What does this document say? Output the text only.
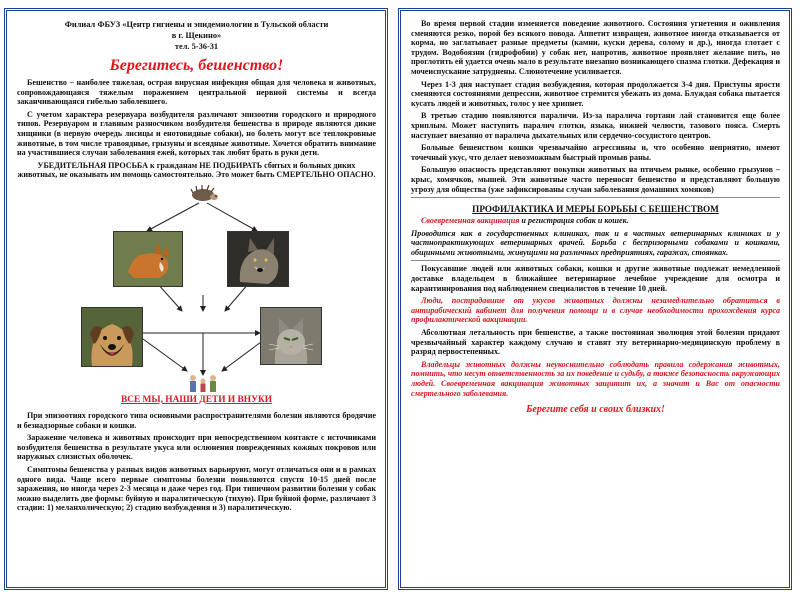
Филиал ФБУЗ «Центр гигиены и эпидемиологии в Тульской области

в г. Щекино»

тел. 5-36-31

Берегитесь, бешенство!

Бешенство – наиболее тяжелая, острая вирусная инфекция общая для человека и животных, сопровождающаяся тяжелым поражением центральной нервной системы и всегда заканчивающаяся гибелью заболевшего.

С учетом характера резервуара возбудителя различают эпизоотии городского и природного типов. Резервуаром и главным разносчиком возбудителя бешенства в природе являются дикие хищники (в первую очередь лисицы и енотовидные собаки), но болеть могут все теплокровные животные, в том числе травоядные, грызуны и всеядные животные. Хочется обратить внимание на участившиеся случаи заболевания ежей, которых так любят брать в руки дети.

УБЕДИТЕЛЬНАЯ ПРОСЬБА к гражданам НЕ ПОДБИРАТЬ сбитых и больных диких животных, не оказывать им помощь самостоятельно. Это может быть СМЕРТЕЛЬНО ОПАСНО.

ВСЕ МЫ, НАШИ ДЕТИ И ВНУКИ

При эпизоотиях городского типа основными распространителями болезни являются бродячие и безнадзорные собаки и кошки.

Заражение человека и животных происходит при непосредственном контакте с источниками возбудителя бешенства в результате укуса или ослюнения поврежденных кожных покровов или наружных слизистых оболочек.

Симптомы бешенства у разных видов животных варьируют, могут отличаться они и в рамках одного вида. Чаще всего первые симптомы болезни появляются спустя 10-15 дней после заражения, но иногда через 2-3 месяца и даже через год. При типичном развитии болезни у собак можно выделить две формы: буйную и паралитическую (тихую). При буйной форме, различают 3 стадии: 1) меланхолическую; 2) стадию возбуждения и 3) паралитическую.

Во время первой стадии изменяется поведение животного. Состояния угнетения и оживления сменяются резко, порой без всякого повода. Аппетит извращен, животное иногда отказывается от корма, но заглатывает разные предметы (камни, куски дерева, солому и др.), иногда глотает с трудом. Водобоязни (гидрофобии) у собак нет, напротив, животное проявляет желание пить, но проглотить ей удается очень мало в результате внезапно возникающего спазма глотки. Дефекация и мочеиспускание затруднены. Слюнотечение усиливается.

Через 1-3 дня наступает стадия возбуждения, которая продолжается 3-4 дня. Приступы ярости сменяются состояниями депрессии, животное стремится убежать из дома. Блуждая собака пытается кусать людей и животных, голос у нее хрипнет.

В третью стадию появляются параличи. Из-за паралича гортани лай становится еще более хриплым. Может наступить паралич глотки, языка, нижней челюсти, тазового пояса. Смерть наступает внезапно от паралича дыхательных или сердечно-сосудистого центров.

Больные бешенством кошки чрезвычайно агрессивны и, что особенно неприятно, имеют точечный укус, что делает невозможным быстрый промыв раны.

Большую опасность представляют покупки животных на птичьем рынке, особенно грызунов – крыс, хомячков, мышей. Эти животные часто переносят бешенство и представляют большую угрозу для общества (уже зафиксированы случаи заболевания домашних хомяков)

ПРОФИЛАКТИКА И МЕРЫ БОРЬБЫ С БЕШЕНСТВОМ

Своевременная вакцинация и регистрация собак и кошек.

Проводится как в государственных клиниках, так и в частных ветеринарных клиниках и у частнопрактикующих ветеринарных врачей. Борьба с беспризорными собаками и кошками, общинными животными, живущими на различных предприятиях, гаражах, стоянках.

Покусавшие людей или животных собаки, кошки и другие животные подлежат немедленной доставке владельцем в ближайшее ветеринарное лечебное учреждение для осмотра и карантинирования под наблюдением специалистов в течение 10 дней.

Люди, пострадавшие от укусов животных должны незамедлительно обратиться в антирабический кабинет для получения помощи и в случае необходимости прохождения курса профилактической вакцинации.

Абсолютная летальность при бешенстве, а также постоянная эволюция этой болезни придают чрезвычайный характер каждому случаю и ставят эту ветеринарно-медицинскую проблему в разряд первостепенных.

Владельцы животных должны неукоснительно соблюдать правила содержания животных, помнить, что несут ответственность за их поведение и судьбу, а также безопасность окружающих людей. Своевременная вакцинация животных защитит их, а значит и Вас от опасности смертельного заболевания.

Берегите себя и своих близких!
